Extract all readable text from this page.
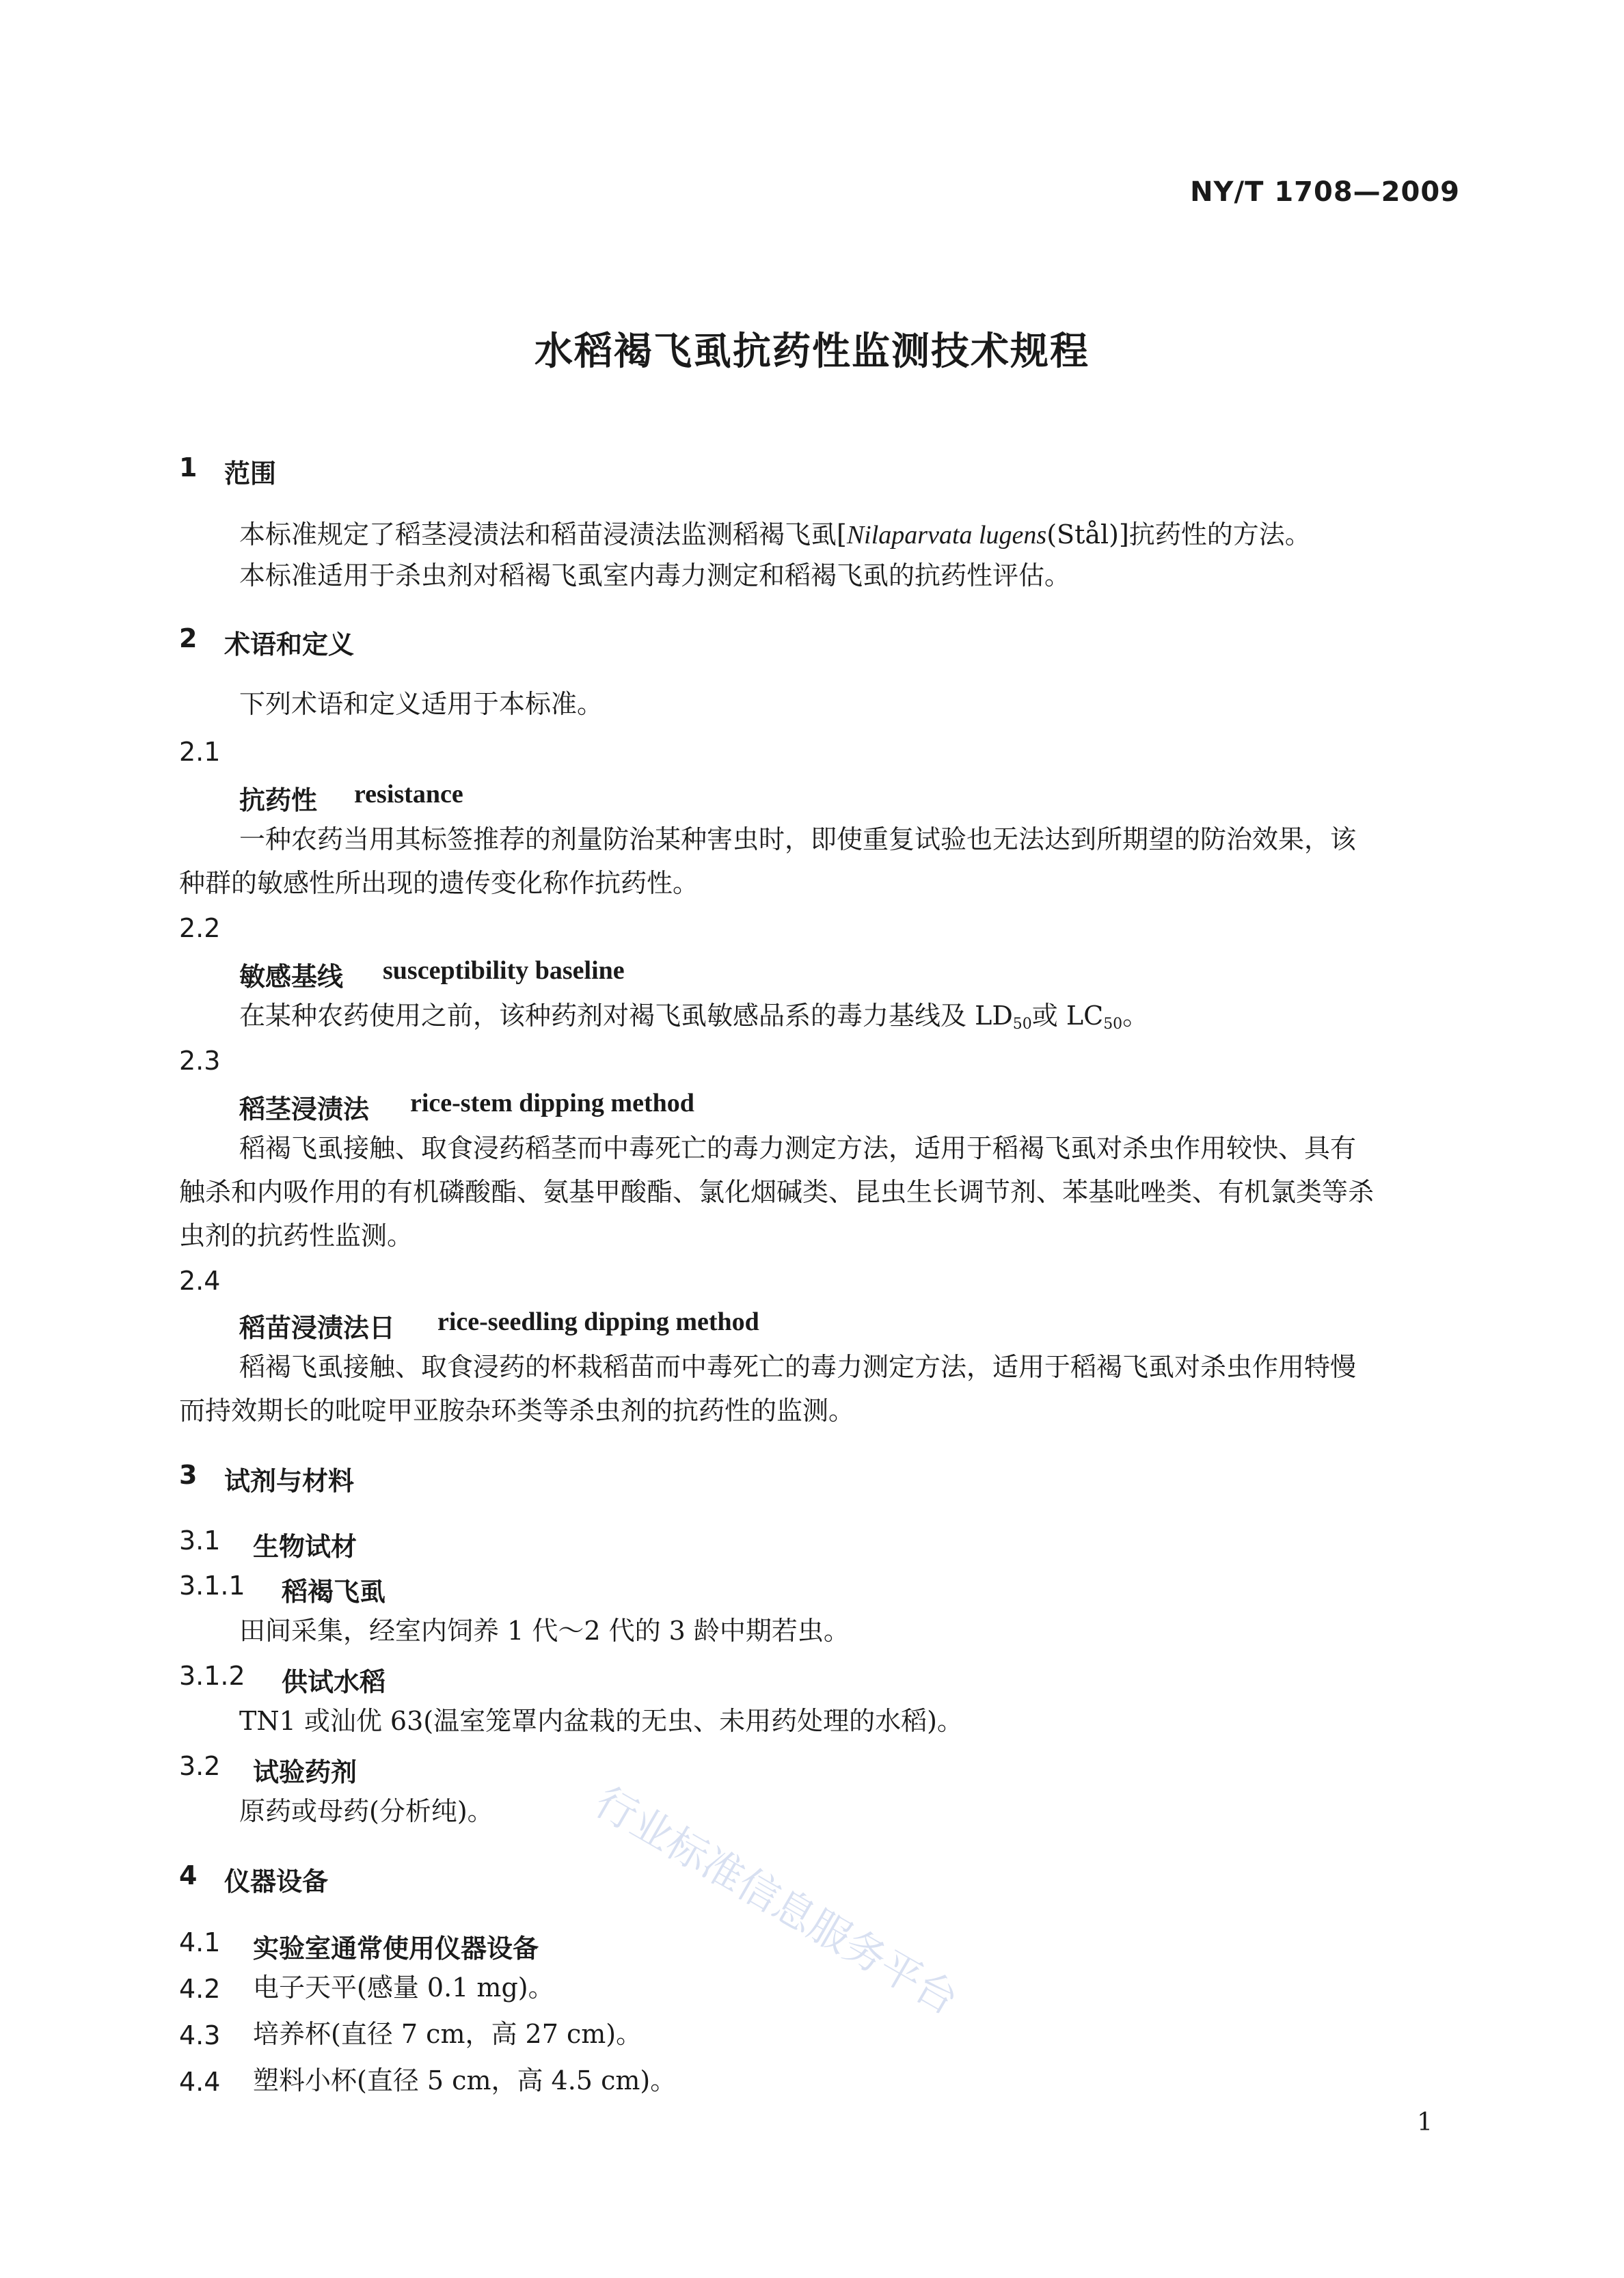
NY/T 1708—2009
水稻褐飞虱抗药性监测技术规程
1 范围
本标准规定了稻茎浸渍法和稻苗浸渍法监测稻褐飞虱[Nilaparvata lugens(Stål)]抗药性的方法。
本标准适用于杀虫剂对稻褐飞虱室内毒力测定和稻褐飞虱的抗药性评估。
2 术语和定义
下列术语和定义适用于本标准。
2.1
抗药性 resistance
一种农药当用其标签推荐的剂量防治某种害虫时，即使重复试验也无法达到所期望的防治效果，该
种群的敏感性所出现的遗传变化称作抗药性。
2.2
敏感基线 susceptibility baseline
在某种农药使用之前，该种药剂对褐飞虱敏感品系的毒力基线及 $LD_{50}$或 $LC_{50}$。
2.3
稻茎浸渍法 rice‑stem dipping method
稻褐飞虱接触、取食浸药稻茎而中毒死亡的毒力测定方法，适用于稻褐飞虱对杀虫作用较快、具有
触杀和内吸作用的有机磷酸酯、氨基甲酸酯、氯化烟碱类、昆虫生长调节剂、苯基吡唑类、有机氯类等杀
虫剂的抗药性监测。
2.4
稻苗浸渍法日 rice‑seedling dipping method
稻褐飞虱接触、取食浸药的杯栽稻苗而中毒死亡的毒力测定方法，适用于稻褐飞虱对杀虫作用特慢
而持效期长的吡啶甲亚胺杂环类等杀虫剂的抗药性的监测。
3 试剂与材料
3.1 生物试材
3.1.1 稻褐飞虱
田间采集，经室内饲养 1 代～2 代的 3 龄中期若虫。
3.1.2 供试水稻
TN1 或汕优 63(温室笼罩内盆栽的无虫、未用药处理的水稻)。
3.2 试验药剂
原药或母药(分析纯)。
4 仪器设备
4.1 实验室通常使用仪器设备
4.2 电子天平(感量 0.1 mg)。
4.3 培养杯(直径 7 cm，高 27 cm)。
4.4 塑料小杯(直径 5 cm，高 4.5 cm)。
行业标准信息服务平台
1
